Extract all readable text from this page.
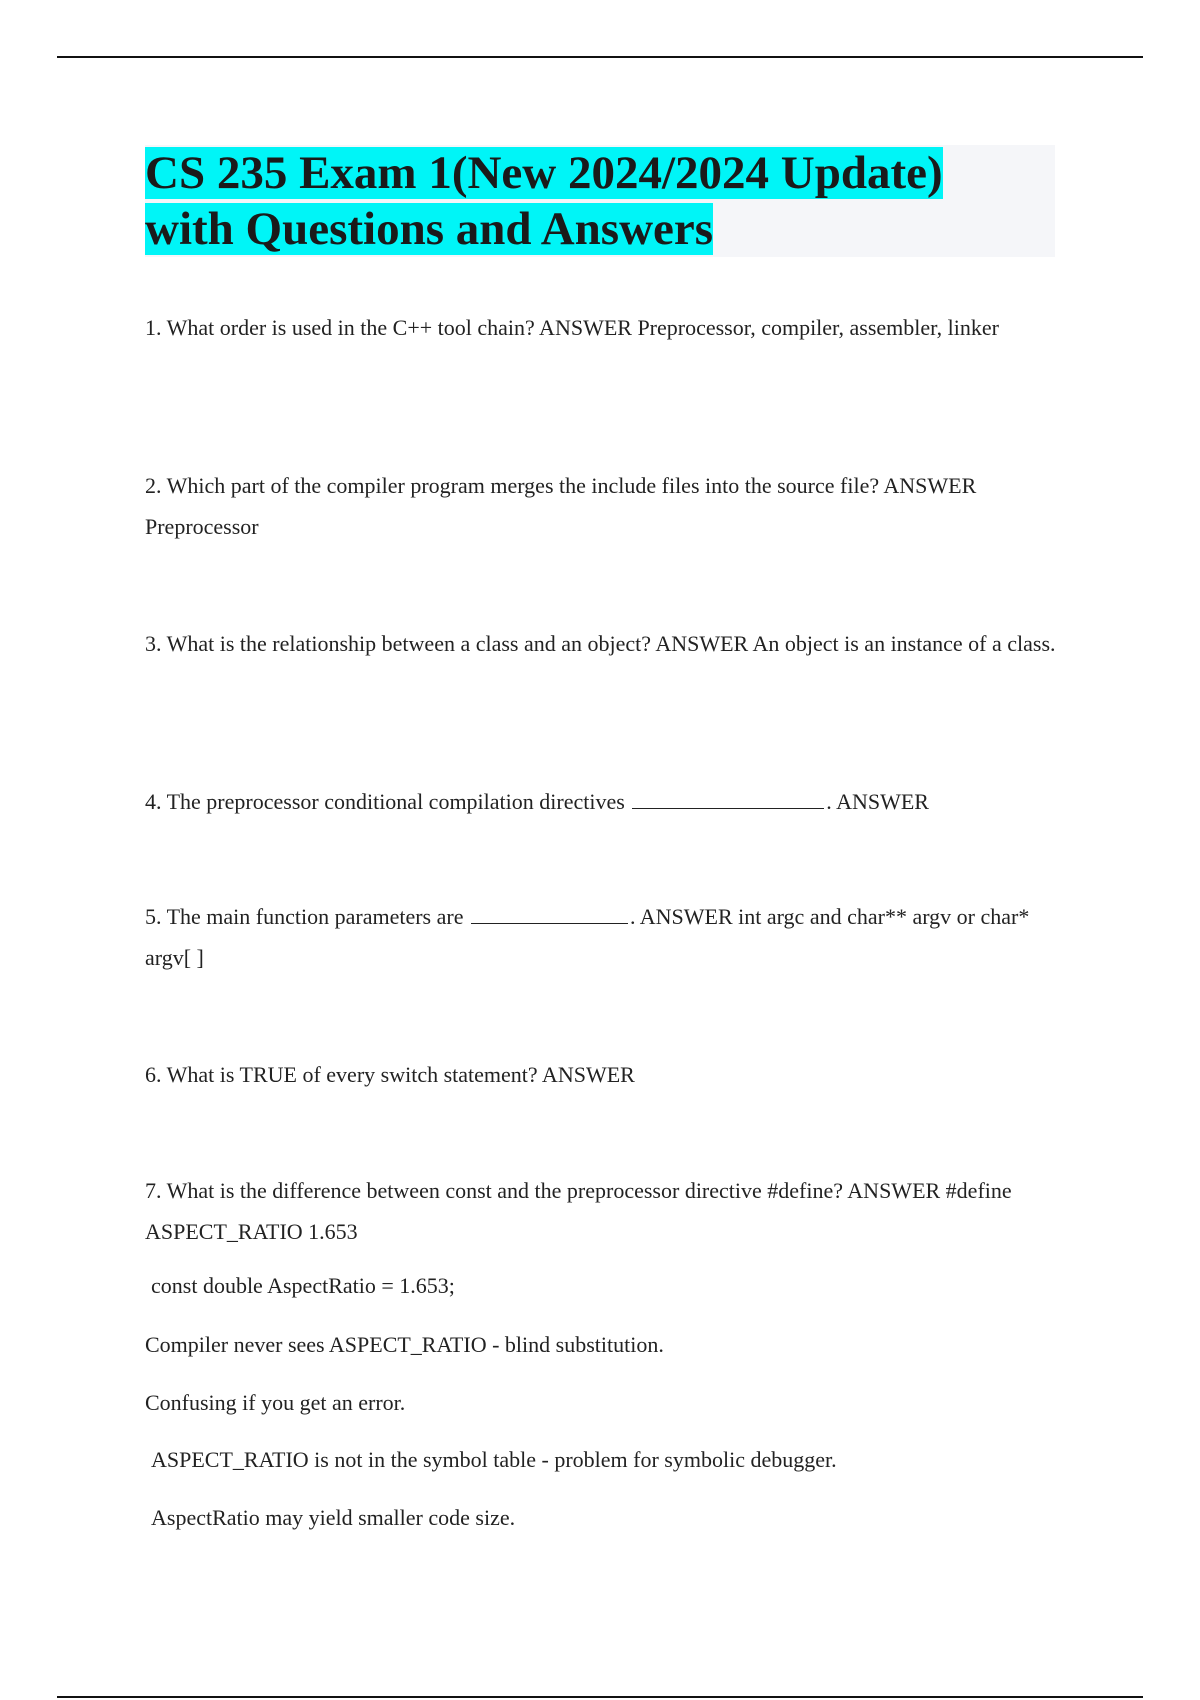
CS 235 Exam 1(New 2024/2024 Update)
with Questions and Answers

1. What order is used in the C++ tool chain? ANSWER Preprocessor, compiler, assembler, linker

2. Which part of the compiler program merges the include files into the source file? ANSWER Preprocessor

3. What is the relationship between a class and an object? ANSWER An object is an instance of a class.

4. The preprocessor conditional compilation directives	. ANSWER

5. The main function parameters are	. ANSWER int argc and char** argv or char* argv[ ]

6. What is TRUE of every switch statement? ANSWER

7. What is the difference between const and the preprocessor directive #define? ANSWER #define ASPECT_RATIO 1.653

const double AspectRatio = 1.653;

Compiler never sees ASPECT_RATIO - blind substitution.

Confusing if you get an error.

ASPECT_RATIO is not in the symbol table - problem for symbolic debugger.

AspectRatio may yield smaller code size.
